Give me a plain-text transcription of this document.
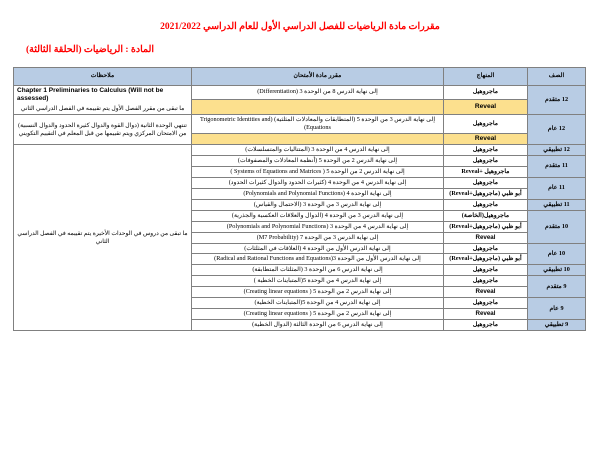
مقررات مادة الرياضيات للفصل الدراسي الأول للعام الدراسي 2021/2022
المادة : الرياضيات (الحلقة الثالثة)
الصف	المنهاج	مقرر مادة الأمتحان	ملاحظات
12 متقدم	ماجروهيل	إلى نهاية الدرس 8 من الوحدة 3 (Differentiation)	Chapter 1 Preliminaries to Calculus (Will not be assessed)
ما تبقى من مقرر الفصل الأول يتم تقييمه في الفصل الدراسي الثاني

	Reveal		
12 عام	ماجروهيل	إلى نهاية الدرس 3 من الوحدة 5 (المتطابقات والمعادلات المثلثية) (Trigonometric Identities and Equations)	تنتهي الوحدة الثانية (دوال القوة والدوال كثيرة الحدود والدوال النسبية) من الامتحان المركزي ويتم تقييمها من قبل المعلم في التقييم التكويني

	Reveal		
12 تطبيقي	ماجروهيل	إلى نهاية الدرس 4 من الوحدة 3 (المتتاليات والمتسلسلات)	ما تبقى من دروس في الوحدات الأخيرة يتم تقييمه في الفصل الدراسي الثاني

11 متقدم	ماجروهيل	إلى نهاية الدرس 2 من الوحدة 5 (أنظمة المعادلات والمصفوفات)	
	ماجروهيل +Reveal	إلى نهاية الدرس 2 من الوحدة 5 ( Systems of Equations and Matrices )	
11 عام	ماجروهيل	إلى نهاية الدرس 4 من الوحدة 4 (كثيرات الحدود والدوال كثيرات الحدود)	
	أبو ظبي (ماجروهيل+Reveal)	إلى نهاية الوحدة 4 (Polynomials and Polynomial Functions)	
11 تطبيقي	ماجروهيل	إلى نهاية الدرس 3 من الوحدة 3 (الاحتمال والقياس)	
10 متقدم	ماجروهيل(الخاصة)	إلى نهاية الدرس 3 من الوحدة 4 (الدوال والعلاقات العكسية والجذرية)	
	أبو ظبي (ماجروهيل+Reveal)	إلى نهاية الدرس 4 من الوحدة 3 (Polynomials and Polynomial Functions)	
	Reveal	إلى نهاية الدرس 3 من الوحدة 7 (M7 Probability)	
10 عام	ماجروهيل	إلى نهاية الدرس الأول من الوحدة 4 (العلاقات في المثلثات)	
	أبو ظبي (ماجروهيل+Reveal)	إلى نهاية الدرس الأول من الوحدة 3(Radical and Rational Functions and Equations)	
10 تطبيقي	ماجروهيل	إلى نهاية الدرس 6 من الوحدة 3 (المثلثات المتطابقة)	
9 متقدم	ماجروهيل	إلى نهاية الدرس 4 من الوحدة 5(المتباينات الخطية )	
	Reveal	إلى نهاية الدرس 2 من الوحدة 5 ( Creating linear equations)	
9 عام	ماجروهيل	إلى نهاية الدرس 4 من الوحدة 5(المتباينات الخطية)	
	Reveal	إلى نهاية الدرس 2 من الوحدة 5 ( Creating linear equations)	
9 تطبيقي	ماجروهيل	إلى نهاية الدرس 6 من الوحدة الثالثة (الدوال الخطية)	
